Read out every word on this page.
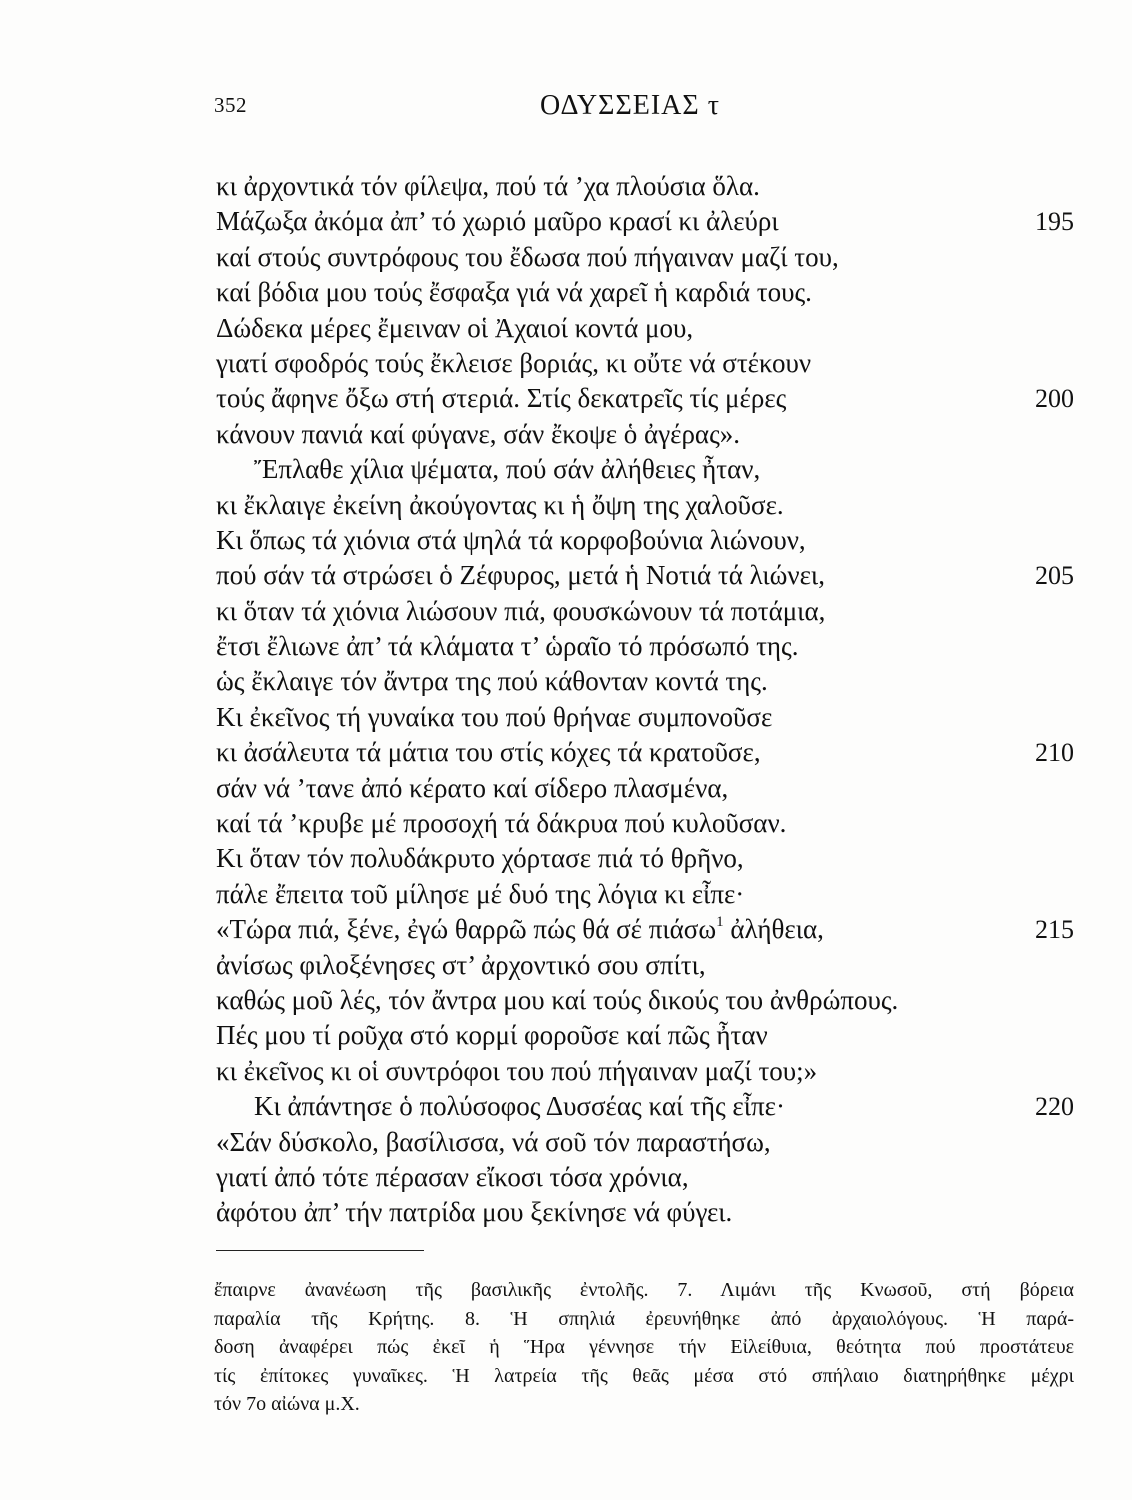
352	ΟΔΥΣΣΕΙΑΣ τ
κι ἀρχοντικά τόν φίλεψα, πού τά ’χα πλούσια ὅλα.
Μάζωξα ἀκόμα ἀπ’ τό χωριό μαῦρο κρασί κι ἀλεύρι	195
καί στούς συντρόφους του ἔδωσα πού πήγαιναν μαζί του,
καί βόδια μου τούς ἔσφαξα γιά νά χαρεῖ ἡ καρδιά τους.
Δώδεκα μέρες ἔμειναν οἱ Ἀχαιοί κοντά μου,
γιατί σφοδρός τούς ἔκλεισε βοριάς, κι οὔτε νά στέκουν
τούς ἄφηνε ὄξω στή στεριά. Στίς δεκατρεῖς τίς μέρες	200
κάνουν πανιά καί φύγανε, σάν ἔκοψε ὁ ἀγέρας».
Ἔπλαθε χίλια ψέματα, πού σάν ἀλήθειες ἦταν,
κι ἔκλαιγε ἐκείνη ἀκούγοντας κι ἡ ὄψη της χαλοῦσε.
Κι ὅπως τά χιόνια στά ψηλά τά κορφοβούνια λιώνουν,
πού σάν τά στρώσει ὁ Ζέφυρος, μετά ἡ Νοτιά τά λιώνει,	205
κι ὅταν τά χιόνια λιώσουν πιά, φουσκώνουν τά ποτάμια,
ἔτσι ἔλιωνε ἀπ’ τά κλάματα τ’ ὡραῖο τό πρόσωπό της.
ὡς ἔκλαιγε τόν ἄντρα της πού κάθονταν κοντά της.
Κι ἐκεῖνος τή γυναίκα του πού θρήναε συμπονοῦσε
κι ἀσάλευτα τά μάτια του στίς κόχες τά κρατοῦσε,	210
σάν νά ’τανε ἀπό κέρατο καί σίδερο πλασμένα,
καί τά ’κρυβε μέ προσοχή τά δάκρυα πού κυλοῦσαν.
Κι ὅταν τόν πολυδάκρυτο χόρτασε πιά τό θρῆνο,
πάλε ἔπειτα τοῦ μίλησε μέ δυό της λόγια κι εἶπε·
«Τώρα πιά, ξένε, ἐγώ θαρρῶ πώς θά σέ πιάσω$^1$ ἀλήθεια,	215
ἀνίσως φιλοξένησες στ’ ἀρχοντικό σου σπίτι,
καθώς μοῦ λές, τόν ἄντρα μου καί τούς δικούς του ἀνθρώπους.
Πές μου τί ροῦχα στό κορμί φοροῦσε καί πῶς ἦταν
κι ἐκεῖνος κι οἱ συντρόφοι του πού πήγαιναν μαζί του;»
Κι ἀπάντησε ὁ πολύσοφος Δυσσέας καί τῆς εἶπε·	220
«Σάν δύσκολο, βασίλισσα, νά σοῦ τόν παραστήσω,
γιατί ἀπό τότε πέρασαν εἴκοσι τόσα χρόνια,
ἀφότου ἀπ’ τήν πατρίδα μου ξεκίνησε νά φύγει.
ἔπαιρνε ἀνανέωση τῆς βασιλικῆς ἐντολῆς. 7. Λιμάνι τῆς Κνωσοῦ, στή βόρεια
παραλία τῆς Κρήτης. 8. Ἡ σπηλιά ἐρευνήθηκε ἀπό ἀρχαιολόγους. Ἡ παρά-
δοση ἀναφέρει πώς ἐκεῖ ἡ Ἥρα γέννησε τήν Εἰλείθυια, θεότητα πού προστάτευε
τίς ἐπίτοκες γυναῖκες. Ἡ λατρεία τῆς θεᾶς μέσα στό σπήλαιο διατηρήθηκε μέχρι
τόν 7ο αἰώνα μ.Χ.
